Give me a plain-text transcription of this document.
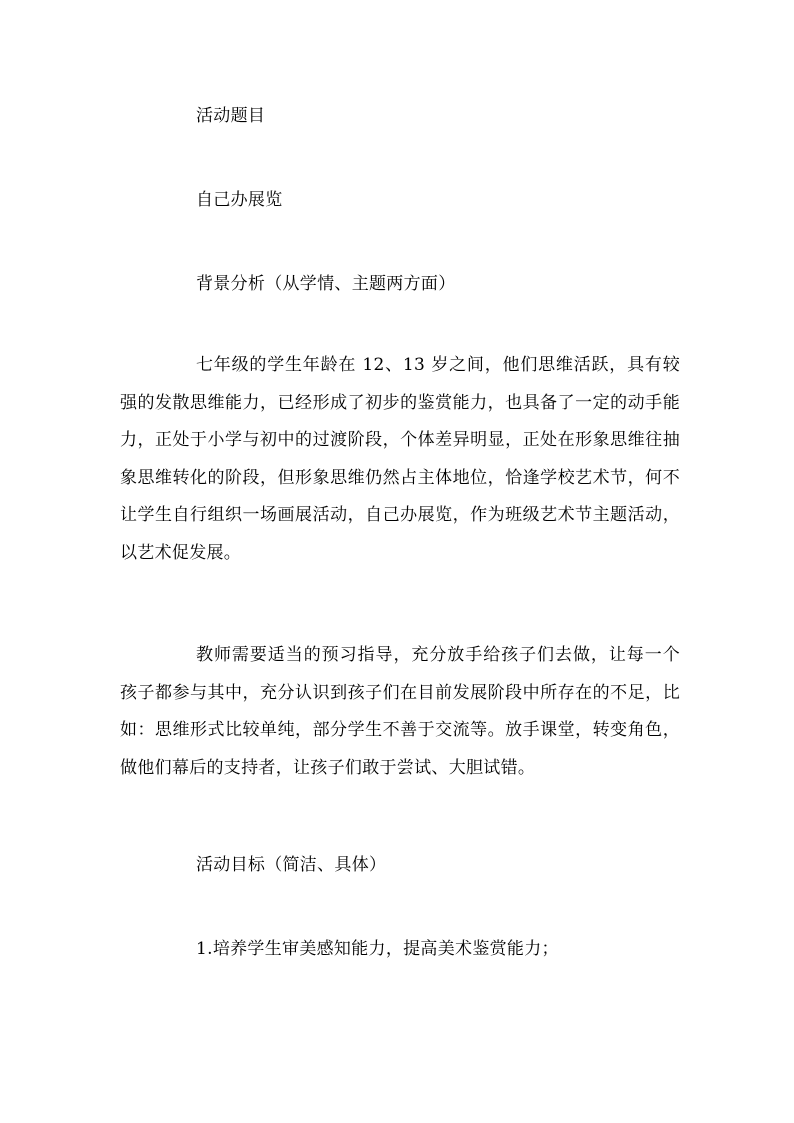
活动题目
自己办展览
背景分析（从学情、主题两方面）
七年级的学生年龄在 12、13 岁之间，他们思维活跃，具有较强的发散思维能力，已经形成了初步的鉴赏能力，也具备了一定的动手能力，正处于小学与初中的过渡阶段，个体差异明显，正处在形象思维往抽象思维转化的阶段，但形象思维仍然占主体地位，恰逢学校艺术节，何不让学生自行组织一场画展活动，自己办展览，作为班级艺术节主题活动，以艺术促发展。
教师需要适当的预习指导，充分放手给孩子们去做，让每一个孩子都参与其中，充分认识到孩子们在目前发展阶段中所存在的不足，比如：思维形式比较单纯，部分学生不善于交流等。放手课堂，转变角色，做他们幕后的支持者，让孩子们敢于尝试、大胆试错。
活动目标（简洁、具体）
1.培养学生审美感知能力，提高美术鉴赏能力；
